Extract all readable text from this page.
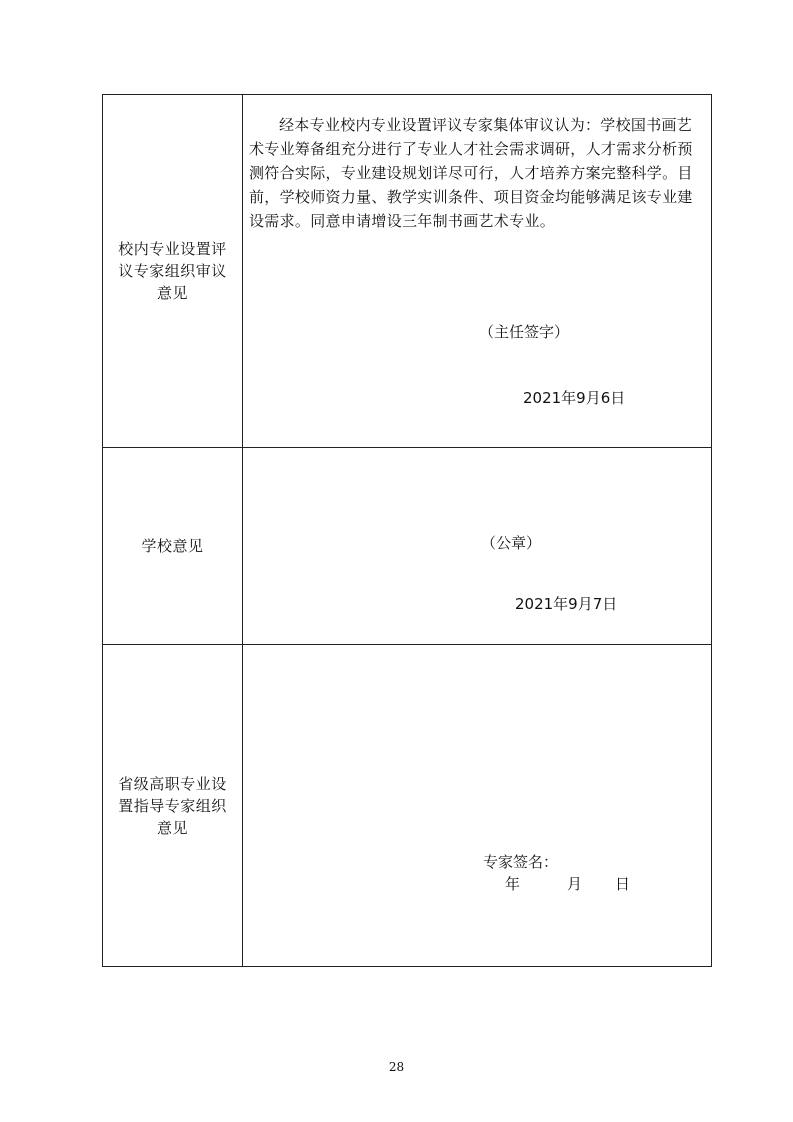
校内专业设置评议专家组织审议意见

经本专业校内专业设置评议专家集体审议认为：学校国书画艺术专业筹备组充分进行了专业人才社会需求调研，人才需求分析预测符合实际，专业建设规划详尽可行，人才培养方案完整科学。目前，学校师资力量、教学实训条件、项目资金均能够满足该专业建设需求。同意申请增设三年制书画艺术专业。

（主任签字）
2021年9月6日
学校意见	（公章）
2021年9月7日
省级高职专业设置指导专家组织意见
专家签名：
年	月 日
28
